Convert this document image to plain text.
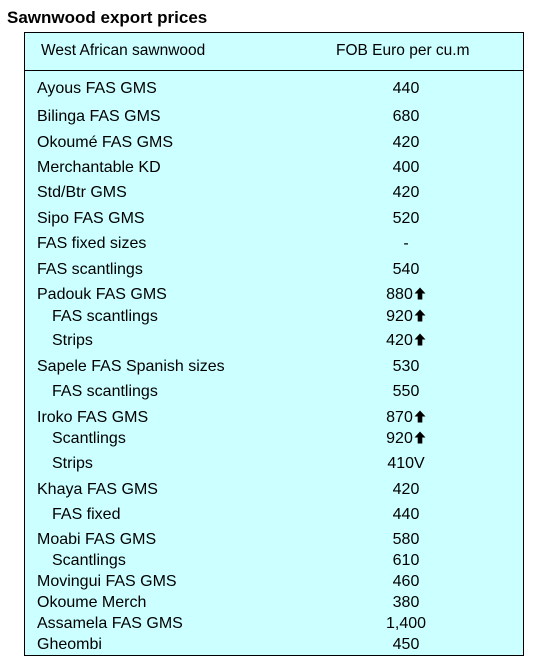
Sawnwood export prices
West African sawnwood	FOB Euro per cu.m
Ayous FAS GMS	440
Bilinga FAS GMS	680
Okoumé FAS GMS	420
Merchantable KD	400
Std/Btr GMS	420
Sipo FAS GMS	520
FAS fixed sizes	-
FAS scantlings	540
Padouk FAS GMS	880
FAS scantlings	920
Strips	420
Sapele FAS Spanish sizes	530
FAS scantlings	550
Iroko FAS GMS	870
Scantlings	920
Strips	410V
Khaya FAS GMS	420
FAS fixed	440
Moabi FAS GMS	580
Scantlings	610
Movingui FAS GMS	460
Okoume Merch	380
Assamela FAS GMS	1,400
Gheombi	450
